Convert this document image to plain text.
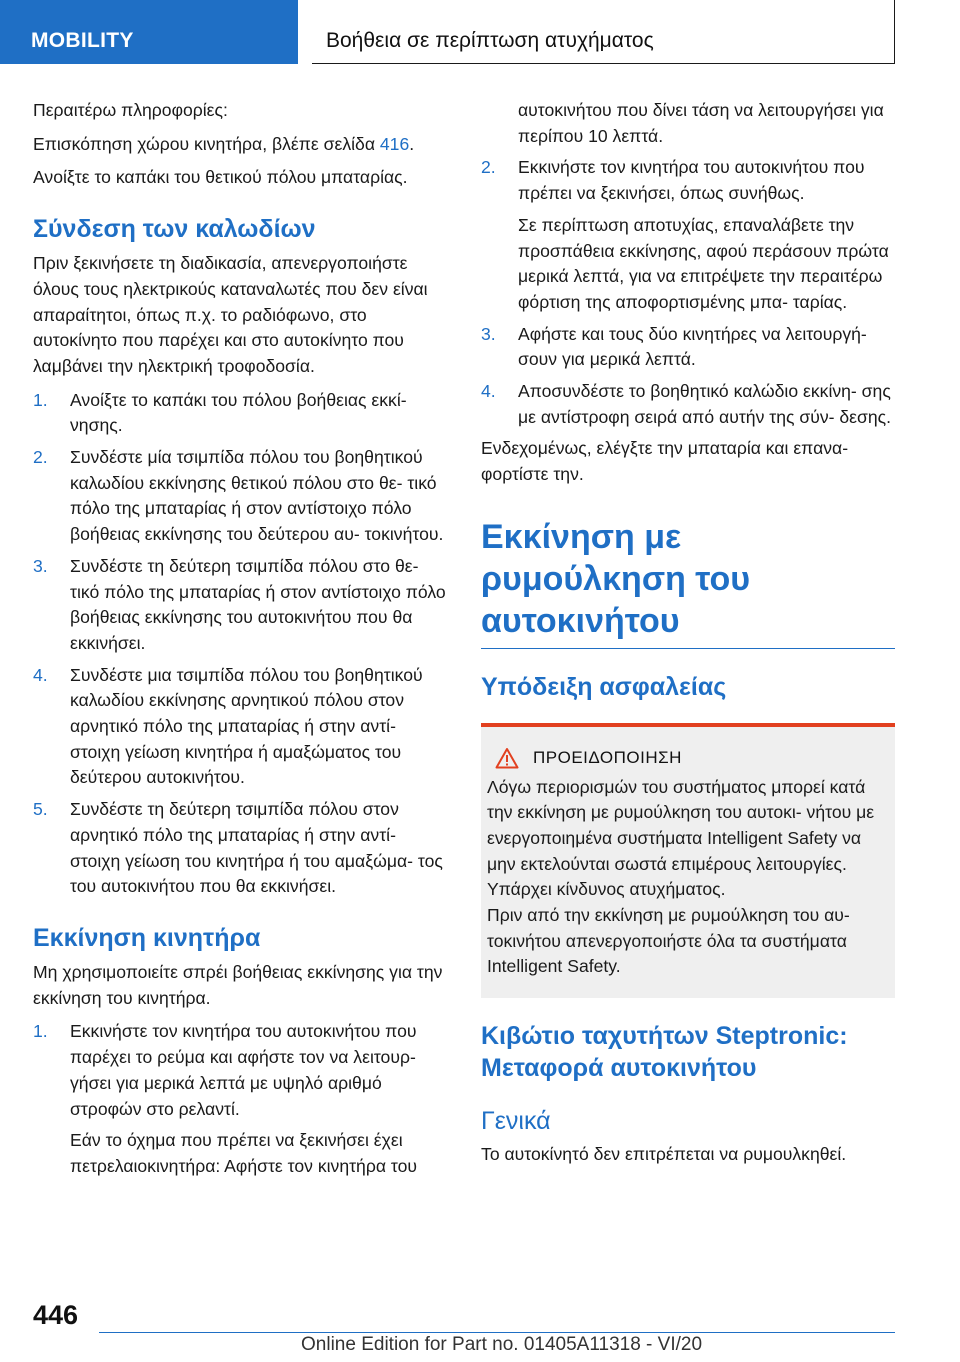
MOBILITY	Βοήθεια σε περίπτωση ατυχήματος

Περαιτέρω πληροφορίες:

Επισκόπηση χώρου κινητήρα, βλέπε σελίδα 416.

Ανοίξτε το καπάκι του θετικού πόλου μπαταρίας.

Σύνδεση των καλωδίων

Πριν ξεκινήσετε τη διαδικασία, απενεργοποιήστε όλους τους ηλεκτρικούς καταναλωτές που δεν είναι απαραίτητοι, όπως π.χ. το ραδιόφωνο, στο αυτοκίνητο που παρέχει και στο αυτοκίνητο που λαμβάνει την ηλεκτρική τροφοδοσία.

1. Ανοίξτε το καπάκι του πόλου βοήθειας εκκί- νησης.
2. Συνδέστε μία τσιμπίδα πόλου του βοηθητικού καλωδίου εκκίνησης θετικού πόλου στο θε- τικό πόλο της μπαταρίας ή στον αντίστοιχο πόλο βοήθειας εκκίνησης του δεύτερου αυ- τοκινήτου.
3. Συνδέστε τη δεύτερη τσιμπίδα πόλου στο θε- τικό πόλο της μπαταρίας ή στον αντίστοιχο πόλο βοήθειας εκκίνησης του αυτοκινήτου που θα εκκινήσει.
4. Συνδέστε μια τσιμπίδα πόλου του βοηθητικού καλωδίου εκκίνησης αρνητικού πόλου στον αρνητικό πόλο της μπαταρίας ή στην αντί- στοιχη γείωση κινητήρα ή αμαξώματος του δεύτερου αυτοκινήτου.
5. Συνδέστε τη δεύτερη τσιμπίδα πόλου στον αρνητικό πόλο της μπαταρίας ή στην αντί- στοιχη γείωση του κινητήρα ή του αμαξώμα- τος του αυτοκινήτου που θα εκκινήσει.
Εκκίνηση κινητήρα

Μη χρησιμοποιείτε σπρέι βοήθειας εκκίνησης για την εκκίνηση του κινητήρα.

1. Εκκινήστε τον κινητήρα του αυτοκινήτου που παρέχει το ρεύμα και αφήστε τον να λειτουρ- γήσει για μερικά λεπτά με υψηλό αριθμό στροφών στο ρελαντί.

Εάν το όχημα που πρέπει να ξεκινήσει έχει πετρελαιοκινητήρα: Αφήστε τον κινητήρα του

αυτοκινήτου που δίνει τάση να λειτουργήσει για περίπου 10 λεπτά.
2. Εκκινήστε τον κινητήρα του αυτοκινήτου που πρέπει να ξεκινήσει, όπως συνήθως.

Σε περίπτωση αποτυχίας, επαναλάβετε την προσπάθεια εκκίνησης, αφού περάσουν πρώτα μερικά λεπτά, για να επιτρέψετε την περαιτέρω φόρτιση της αποφορτισμένης μπα- ταρίας.

3. Αφήστε και τους δύο κινητήρες να λειτουργή- σουν για μερικά λεπτά.
4. Αποσυνδέστε το βοηθητικό καλώδιο εκκίνη- σης με αντίστροφη σειρά από αυτήν της σύν- δεσης.

Ενδεχομένως, ελέγξτε την μπαταρία και επανα- φορτίστε την.

Εκκίνηση με ρυμούλκηση του αυτοκινήτου
Υπόδειξη ασφαλείας
ΠΡΟΕΙΔΟΠΟΙΗΣΗ

Λόγω περιορισμών του συστήματος μπορεί κατά την εκκίνηση με ρυμούλκηση του αυτοκι- νήτου με ενεργοποιημένα συστήματα Intelligent Safety να μην εκτελούνται σωστά επιμέρους λειτουργίες. Υπάρχει κίνδυνος ατυχήματος.

Πριν από την εκκίνηση με ρυμούλκηση του αυ- τοκινήτου απενεργοποιήστε όλα τα συστήματα Intelligent Safety.

Κιβώτιο ταχυτήτων Steptronic: Μεταφορά αυτοκινήτου
Γενικά

Το αυτοκίνητό δεν επιτρέπεται να ρυμουλκηθεί.

446
Online Edition for Part no. 01405A11318 - VI/20
